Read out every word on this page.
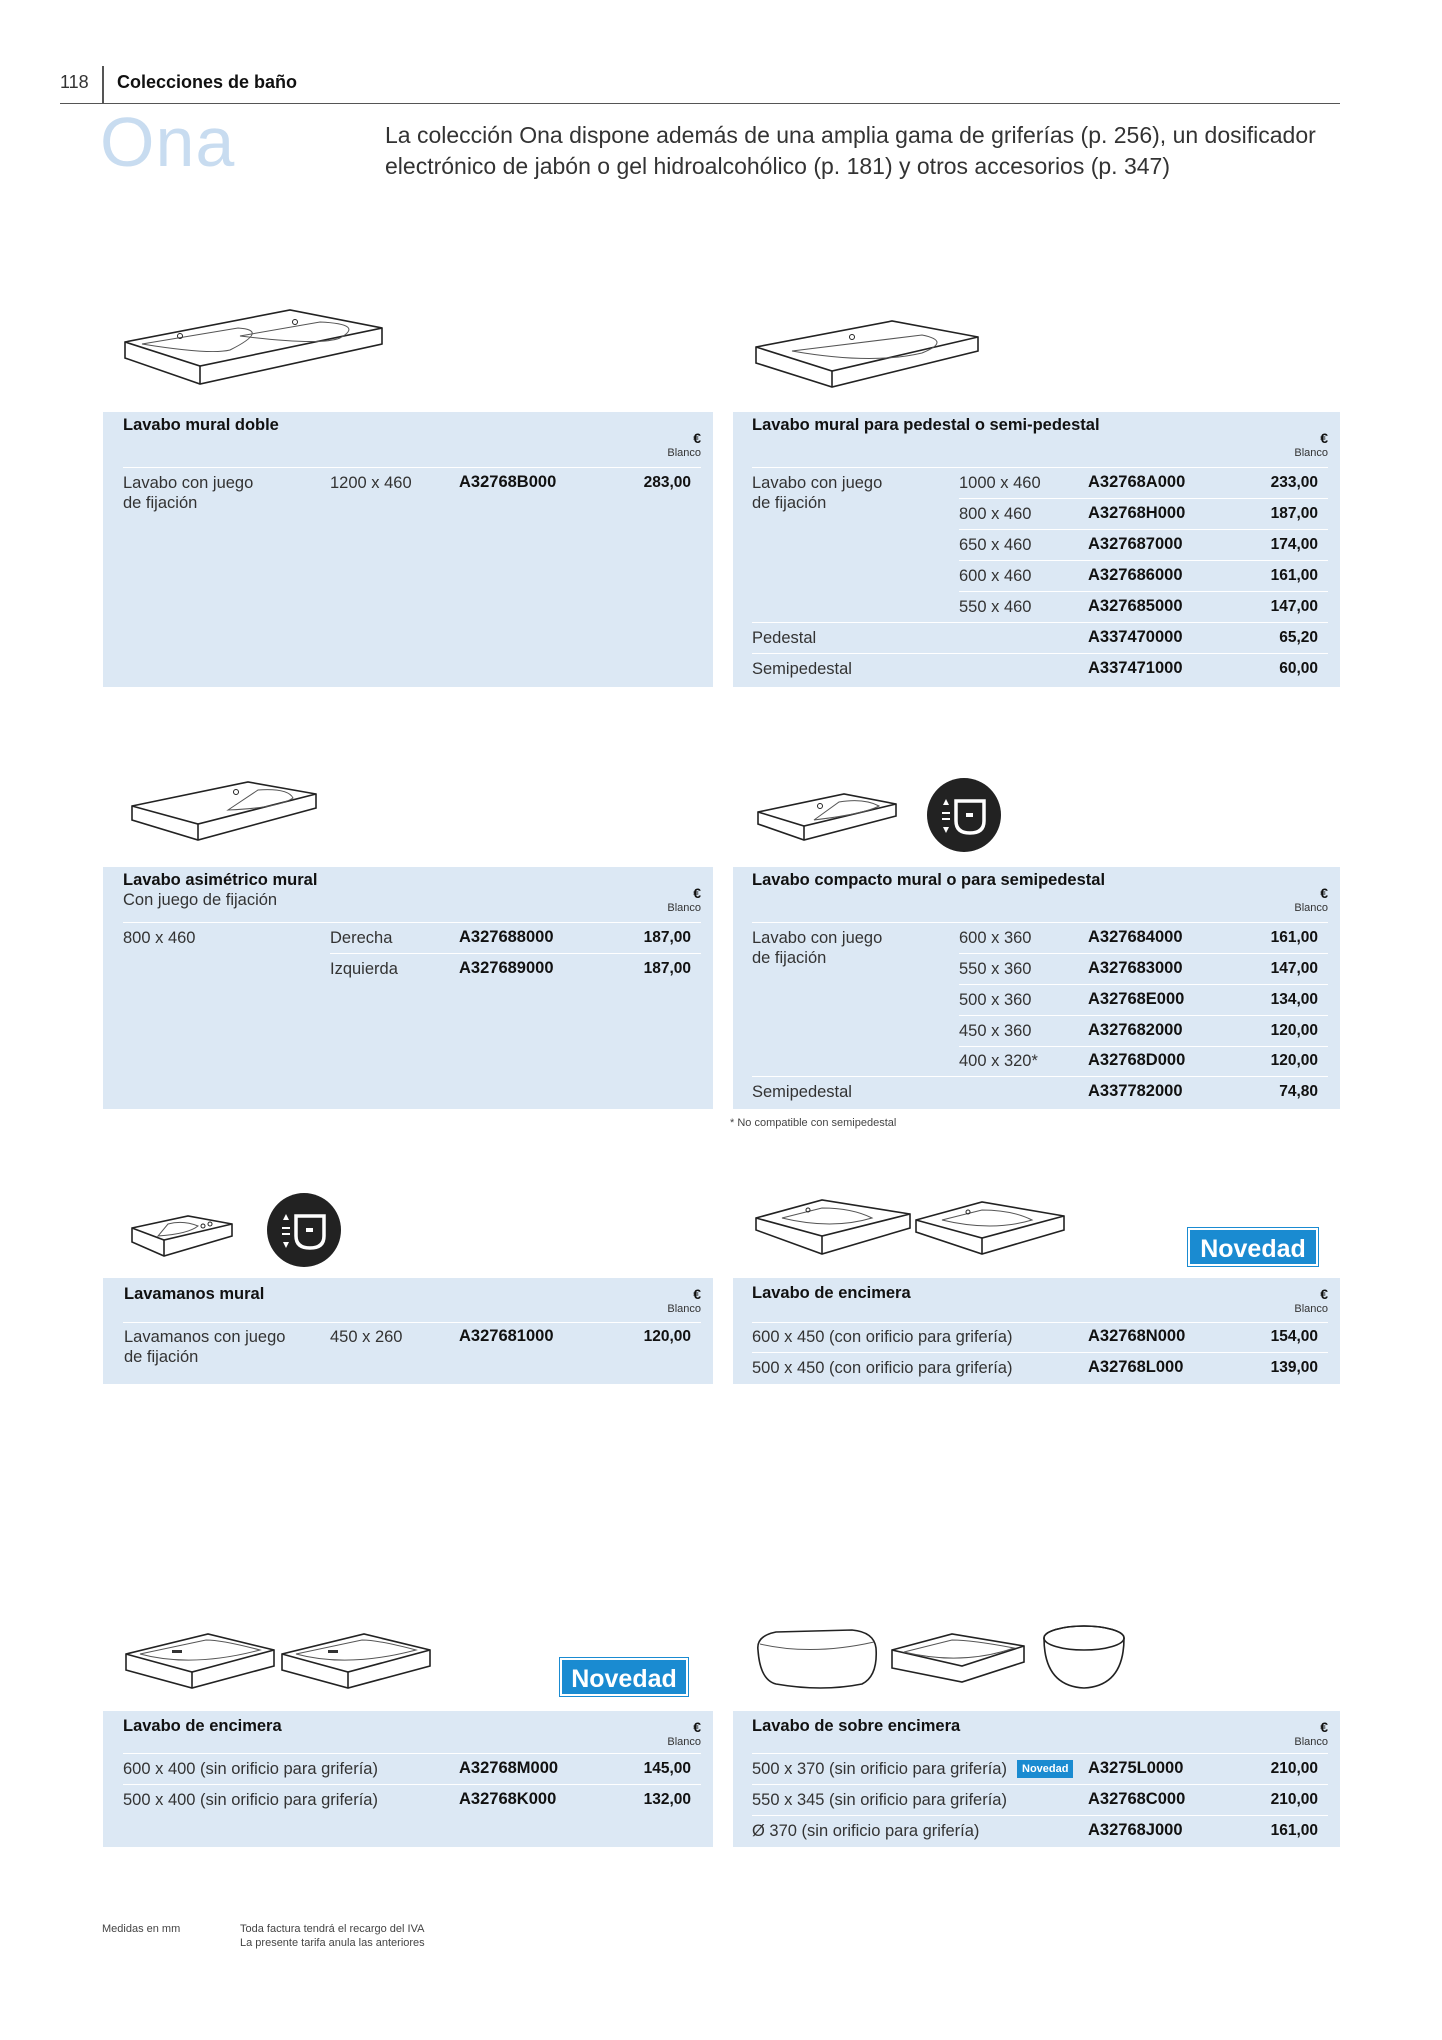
118 Colecciones de baño
Ona	La colección Ona dispone además de una amplia gama de griferías (p. 256), un dosificador electrónico de jabón o gel hidroalcohólico (p. 181) y otros accesorios (p. 347)
Novedad
Novedad
Lavabo mural doble
€
Blanco
Lavabo con juego de fijación
1200 x 460	A32768B000	283,00
Lavabo mural para pedestal o semi-pedestal
€
Blanco
Lavabo con juego de fijación
1000 x 460	A32768A000	233,00
800 x 460	A32768H000	187,00
650 x 460	A327687000	174,00
600 x 460	A327686000	161,00
550 x 460	A327685000	147,00
Pedestal	A337470000	65,20
Semipedestal	A337471000	60,00
Lavabo asimétrico mural
Con juego de fijación	€
Blanco
800 x 460	Derecha	A327688000	187,00
Izquierda	A327689000	187,00
Lavabo compacto mural o para semipedestal
€
Blanco
Lavabo con juego de fijación
600 x 360	A327684000	161,00
550 x 360	A327683000	147,00
500 x 360	A32768E000	134,00
450 x 360	A327682000	120,00
400 x 320*	A32768D000	120,00
Semipedestal	A337782000	74,80
* No compatible con semipedestal
Lavamanos mural	€
Blanco
Lavamanos con juego de fijación
450 x 260	A327681000	120,00
Lavabo de encimera	€
Blanco
600 x 450 (con orificio para grifería)	A32768N000	154,00
500 x 450 (con orificio para grifería)	A32768L000	139,00
Lavabo de encimera	€
Blanco
600 x 400 (sin orificio para grifería)	A32768M000	145,00
500 x 400 (sin orificio para grifería)	A32768K000	132,00
Lavabo de sobre encimera	€
Blanco
500 x 370 (sin orificio para grifería)	Novedad	A3275L0000	210,00
550 x 345 (sin orificio para grifería)	A32768C000	210,00
Ø 370 (sin orificio para grifería)	A32768J000	161,00
Medidas en mm	Toda factura tendrá el recargo del IVA
La presente tarifa anula las anteriores
